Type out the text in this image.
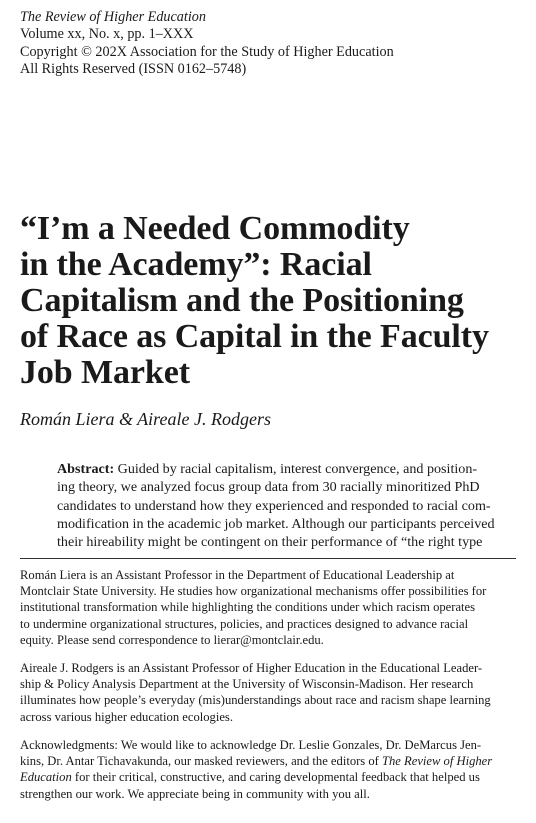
The Review of Higher Education
Volume xx, No. x, pp. 1–XXX
Copyright © 202X Association for the Study of Higher Education
All Rights Reserved (ISSN 0162–5748)
“I’m a Needed Commodity
in the Academy”: Racial
Capitalism and the Positioning
of Race as Capital in the Faculty
Job Market
Román Liera & Aireale J. Rodgers
Abstract: Guided by racial capitalism, interest convergence, and position-
ing theory, we analyzed focus group data from 30 racially minoritized PhD
candidates to understand how they experienced and responded to racial com-
modification in the academic job market. Although our participants perceived
their hireability might be contingent on their performance of “the right type
Román Liera is an Assistant Professor in the Department of Educational Leadership at
Montclair State University. He studies how organizational mechanisms offer possibilities for
institutional transformation while highlighting the conditions under which racism operates
to undermine organizational structures, policies, and practices designed to advance racial
equity. Please send correspondence to lierar@montclair.edu.
Aireale J. Rodgers is an Assistant Professor of Higher Education in the Educational Leader-
ship & Policy Analysis Department at the University of Wisconsin-Madison. Her research
illuminates how people’s everyday (mis)understandings about race and racism shape learning
across various higher education ecologies.
Acknowledgments: We would like to acknowledge Dr. Leslie Gonzales, Dr. DeMarcus Jen-
kins, Dr. Antar Tichavakunda, our masked reviewers, and the editors of The Review of Higher
Education for their critical, constructive, and caring developmental feedback that helped us
strengthen our work. We appreciate being in community with you all.
